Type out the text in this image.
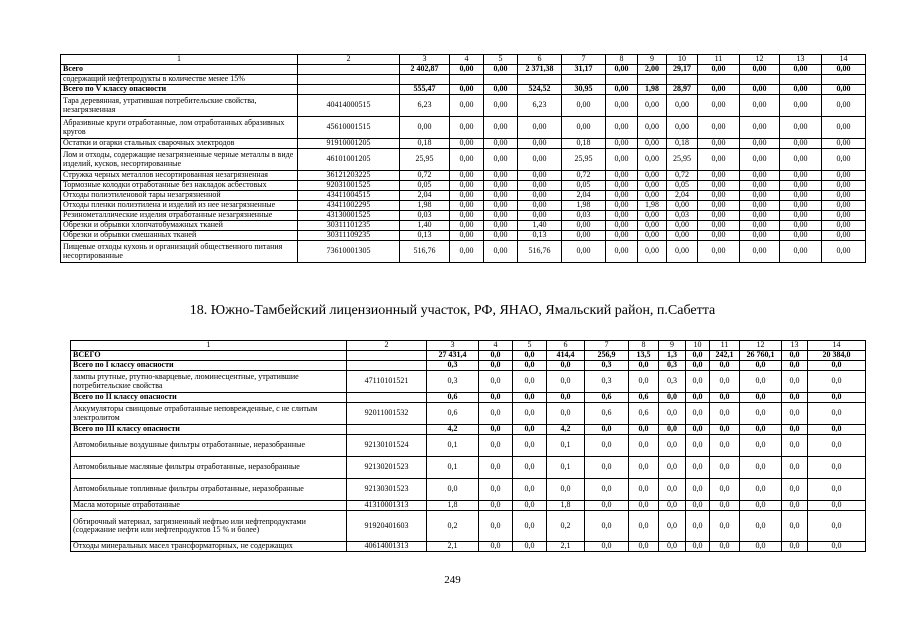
1	2	3	4	5	6	7	8	9	10	11	12	13	14
Всего		2 402,87	0,00	0,00	2 371,38	31,17	0,00	2,00	29,17	0,00	0,00	0,00	0,00
содержащий нефтепродукты в количестве менее 15%													
Всего по V классу опасности		555,47	0,00	0,00	524,52	30,95	0,00	1,98	28,97	0,00	0,00	0,00	0,00
Тара деревянная, утратившая потребительские свойства, незагрязненная	40414000515	6,23	0,00	0,00	6,23	0,00	0,00	0,00	0,00	0,00	0,00	0,00	0,00
Абразивные круги отработанные, лом отработанных абразивных кругов	45610001515	0,00	0,00	0,00	0,00	0,00	0,00	0,00	0,00	0,00	0,00	0,00	0,00
Остатки и огарки стальных сварочных электродов	91910001205	0,18	0,00	0,00	0,00	0,18	0,00	0,00	0,18	0,00	0,00	0,00	0,00
Лом и отходы, содержащие незагрязненные черные металлы в виде изделий, кусков, несортированные	46101001205	25,95	0,00	0,00	0,00	25,95	0,00	0,00	25,95	0,00	0,00	0,00	0,00
Стружка черных металлов несортированная незагрязненная	36121203225	0,72	0,00	0,00	0,00	0,72	0,00	0,00	0,72	0,00	0,00	0,00	0,00
Тормозные колодки отработанные без накладок асбестовых	92031001525	0,05	0,00	0,00	0,00	0,05	0,00	0,00	0,05	0,00	0,00	0,00	0,00
Отходы полиэтиленовой тары незагрязненной	43411004515	2,04	0,00	0,00	0,00	2,04	0,00	0,00	2,04	0,00	0,00	0,00	0,00
Отходы пленки полиэтилена и изделий из нее незагрязненные	43411002295	1,98	0,00	0,00	0,00	1,98	0,00	1,98	0,00	0,00	0,00	0,00	0,00
Резинометаллические изделия отработанные незагрязненные	43130001525	0,03	0,00	0,00	0,00	0,03	0,00	0,00	0,03	0,00	0,00	0,00	0,00
Обрезки и обрывки хлопчатобумажных тканей	30311101235	1,40	0,00	0,00	1,40	0,00	0,00	0,00	0,00	0,00	0,00	0,00	0,00
Обрезки и обрывки смешанных тканей	30311109235	0,13	0,00	0,00	0,13	0,00	0,00	0,00	0,00	0,00	0,00	0,00	0,00
Пищевые отходы кухонь и организаций общественного питания несортированные	73610001305	516,76	0,00	0,00	516,76	0,00	0,00	0,00	0,00	0,00	0,00	0,00	0,00
18. Южно-Тамбейский лицензионный участок, РФ, ЯНАО, Ямальский район, п.Сабетта
1	2	3	4	5	6	7	8	9	10	11	12	13	14
ВСЕГО		27 431,4	0,0	0,0	414,4	256,9	13,5	1,3	0,0	242,1	26 760,1	0,0	20 384,0
Всего по I классу опасности		0,3	0,0	0,0	0,0	0,3	0,0	0,3	0,0	0,0	0,0	0,0	0,0
лампы ртутные, ртутно-кварцевые, люминесцентные, утратившие потребительские свойства	47110101521	0,3	0,0	0,0	0,0	0,3	0,0	0,3	0,0	0,0	0,0	0,0	0,0
Всего по II классу опасности		0,6	0,0	0,0	0,0	0,6	0,6	0,0	0,0	0,0	0,0	0,0	0,0
Аккумуляторы свинцовые отработанные неповрежденные, с не слитым электролитом	92011001532	0,6	0,0	0,0	0,0	0,6	0,6	0,0	0,0	0,0	0,0	0,0	0,0
Всего по III классу опасности		4,2	0,0	0,0	4,2	0,0	0,0	0,0	0,0	0,0	0,0	0,0	0,0
Автомобильные воздушные фильтры отработанные, неразобранные	92130101524	0,1	0,0	0,0	0,1	0,0	0,0	0,0	0,0	0,0	0,0	0,0	0,0
Автомобильные масляные фильтры отработанные, неразобранные	92130201523	0,1	0,0	0,0	0,1	0,0	0,0	0,0	0,0	0,0	0,0	0,0	0,0
Автомобильные топливные фильтры отработанные, неразобранные	92130301523	0,0	0,0	0,0	0,0	0,0	0,0	0,0	0,0	0,0	0,0	0,0	0,0
Масла моторные отработанные	41310001313	1,8	0,0	0,0	1,8	0,0	0,0	0,0	0,0	0,0	0,0	0,0	0,0
Обтирочный материал, загрязненный нефтью или нефтепродуктами (содержание нефти или нефтепродуктов 15 % и более)	91920401603	0,2	0,0	0,0	0,2	0,0	0,0	0,0	0,0	0,0	0,0	0,0	0,0
Отходы минеральных масел трансформаторных, не содержащих	40614001313	2,1	0,0	0,0	2,1	0,0	0,0	0,0	0,0	0,0	0,0	0,0	0,0
249
